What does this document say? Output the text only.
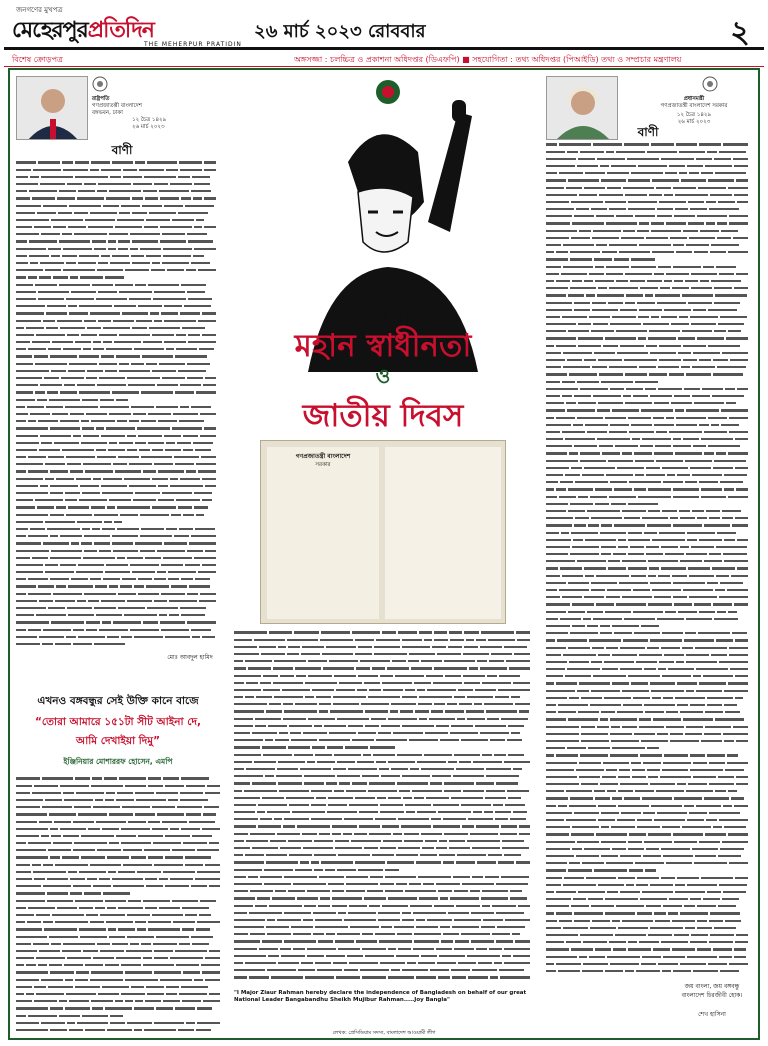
জনগণের মুখপত্র
মেহেরপুরপ্রতিদিন
THE MEHERPUR PRATIDIN
২৬ মার্চ ২০২৩ রোববার	২
বিশেষ ক্রোড়পত্র	অঙ্গসজ্জা : চলচ্চিত্র ও প্রকাশনা অধিদপ্তর (ডিএফপি) ■ সহযোগিতা : তথ্য অধিদপ্তর (পিআইডি) তথ্য ও সম্প্রচার মন্ত্রণালয়
রাষ্ট্রপতি
গণপ্রজাতন্ত্রী বাংলাদেশ
বঙ্গভবন, ঢাকা
১২ চৈত্র ১৪২৯
২৬ মার্চ ২০২৩
বাণী
মোঃ আবদুল হামিদ
এখনও বঙ্গবন্ধুর সেই উক্তি কানে বাজে
“তোরা আমারে ১৫১টা সীট আইনা দে,
আমি দেখাইয়া দিমু”
ইঞ্জিনিয়ার মোশাররফ হোসেন, এমপি
২৬শে মার্চ
মহান স্বাধীনতা
ও
জাতীয় দিবস
গণপ্রজাতন্ত্রী বাংলাদেশ
সরকার
"I Major Ziaur Rahman hereby declare the independence of Bangladesh on behalf of our great National Leader Bangabandhu Sheikh Mujibur Rahman.....Joy Bangla"
লেখক: প্রেসিডিয়াম সদস্য, বাংলাদেশ আওয়ামী লীগ
প্রধানমন্ত্রী
গণপ্রজাতন্ত্রী বাংলাদেশ সরকার
১২ চৈত্র ১৪২৯
২৬ মার্চ ২০২৩
বাণী
জয় বাংলা, জয় বঙ্গবন্ধু
বাংলাদেশ চিরজীবী হোক।
শেখ হাসিনা
